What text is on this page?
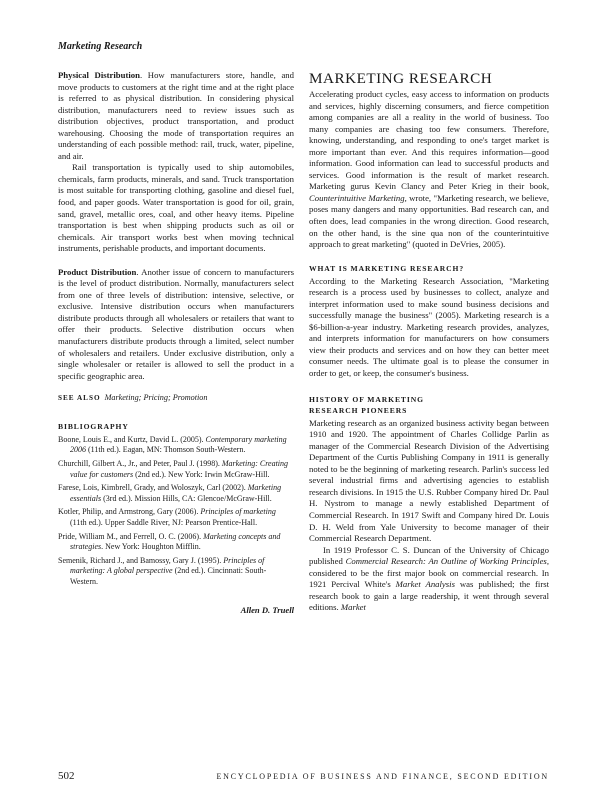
Marketing Research

Physical Distribution. How manufacturers store, handle, and move products to customers at the right time and at the right place is referred to as physical distribution. In considering physical distribution, manufacturers need to review issues such as distribution objectives, product transportation, and product warehousing. Choosing the mode of transportation requires an understanding of each possible method: rail, truck, water, pipeline, and air.

Rail transportation is typically used to ship automobiles, chemicals, farm products, minerals, and sand. Truck transportation is most suitable for transporting clothing, gasoline and diesel fuel, food, and paper goods. Water transportation is good for oil, grain, sand, gravel, metallic ores, coal, and other heavy items. Pipeline transportation is best when shipping products such as oil or chemicals. Air transport works best when moving technical instruments, perishable products, and important documents.

Product Distribution. Another issue of concern to manufacturers is the level of product distribution. Normally, manufacturers select from one of three levels of distribution: intensive, selective, or exclusive. Intensive distribution occurs when manufacturers distribute products through all wholesalers or retailers that want to offer their products. Selective distribution occurs when manufacturers distribute products through a limited, select number of wholesalers and retailers. Under exclusive distribution, only a single wholesaler or retailer is allowed to sell the product in a specific geographic area.

SEE ALSO Marketing; Pricing; Promotion
BIBLIOGRAPHY

Boone, Louis E., and Kurtz, David L. (2005). Contemporary marketing 2006 (11th ed.). Eagan, MN: Thomson South-Western.

Churchill, Gilbert A., Jr., and Peter, Paul J. (1998). Marketing: Creating value for customers (2nd ed.). New York: Irwin McGraw-Hill.

Farese, Lois, Kimbrell, Grady, and Woloszyk, Carl (2002). Marketing essentials (3rd ed.). Mission Hills, CA: Glencoe/McGraw-Hill.

Kotler, Philip, and Armstrong, Gary (2006). Principles of marketing (11th ed.). Upper Saddle River, NJ: Pearson Prentice-Hall.

Pride, William M., and Ferrell, O. C. (2006). Marketing concepts and strategies. New York: Houghton Mifflin.

Semenik, Richard J., and Bamossy, Gary J. (1995). Principles of marketing: A global perspective (2nd ed.). Cincinnati: South-Western.

Allen D. Truell
MARKETING RESEARCH

Accelerating product cycles, easy access to information on products and services, highly discerning consumers, and fierce competition among companies are all a reality in the world of business. Too many companies are chasing too few consumers. Therefore, knowing, understanding, and responding to one's target market is more important than ever. And this requires information—good information. Good information can lead to successful products and services. Good information is the result of market research. Marketing gurus Kevin Clancy and Peter Krieg in their book, Counterintuitive Marketing, wrote, "Marketing research, we believe, poses many dangers and many opportunities. Bad research can, and often does, lead companies in the wrong direction. Good research, on the other hand, is the sine qua non of the counterintuitive approach to great marketing" (quoted in DeVries, 2005).

WHAT IS MARKETING RESEARCH?

According to the Marketing Research Association, "Marketing research is a process used by businesses to collect, analyze and interpret information used to make sound business decisions and successfully manage the business" (2005). Marketing research is a $6-billion-a-year industry. Marketing research provides, analyzes, and interprets information for manufacturers on how consumers view their products and services and on how they can better meet consumer needs. The ultimate goal is to please the consumer in order to get, or keep, the consumer's business.

HISTORY OF MARKETING
RESEARCH PIONEERS

Marketing research as an organized business activity began between 1910 and 1920. The appointment of Charles Collidge Parlin as manager of the Commercial Research Division of the Advertising Department of the Curtis Publishing Company in 1911 is generally noted to be the beginning of marketing research. Parlin's success led several industrial firms and advertising agencies to establish research divisions. In 1915 the U.S. Rubber Company hired Dr. Paul H. Nystrom to manage a newly established Department of Commercial Research. In 1917 Swift and Company hired Dr. Louis D. H. Weld from Yale University to become manager of their Commercial Research Department.

In 1919 Professor C. S. Duncan of the University of Chicago published Commercial Research: An Outline of Working Principles, considered to be the first major book on commercial research. In 1921 Percival White's Market Analysis was published; the first research book to gain a large readership, it went through several editions. Market

502	ENCYCLOPEDIA OF BUSINESS AND FINANCE, SECOND EDITION
